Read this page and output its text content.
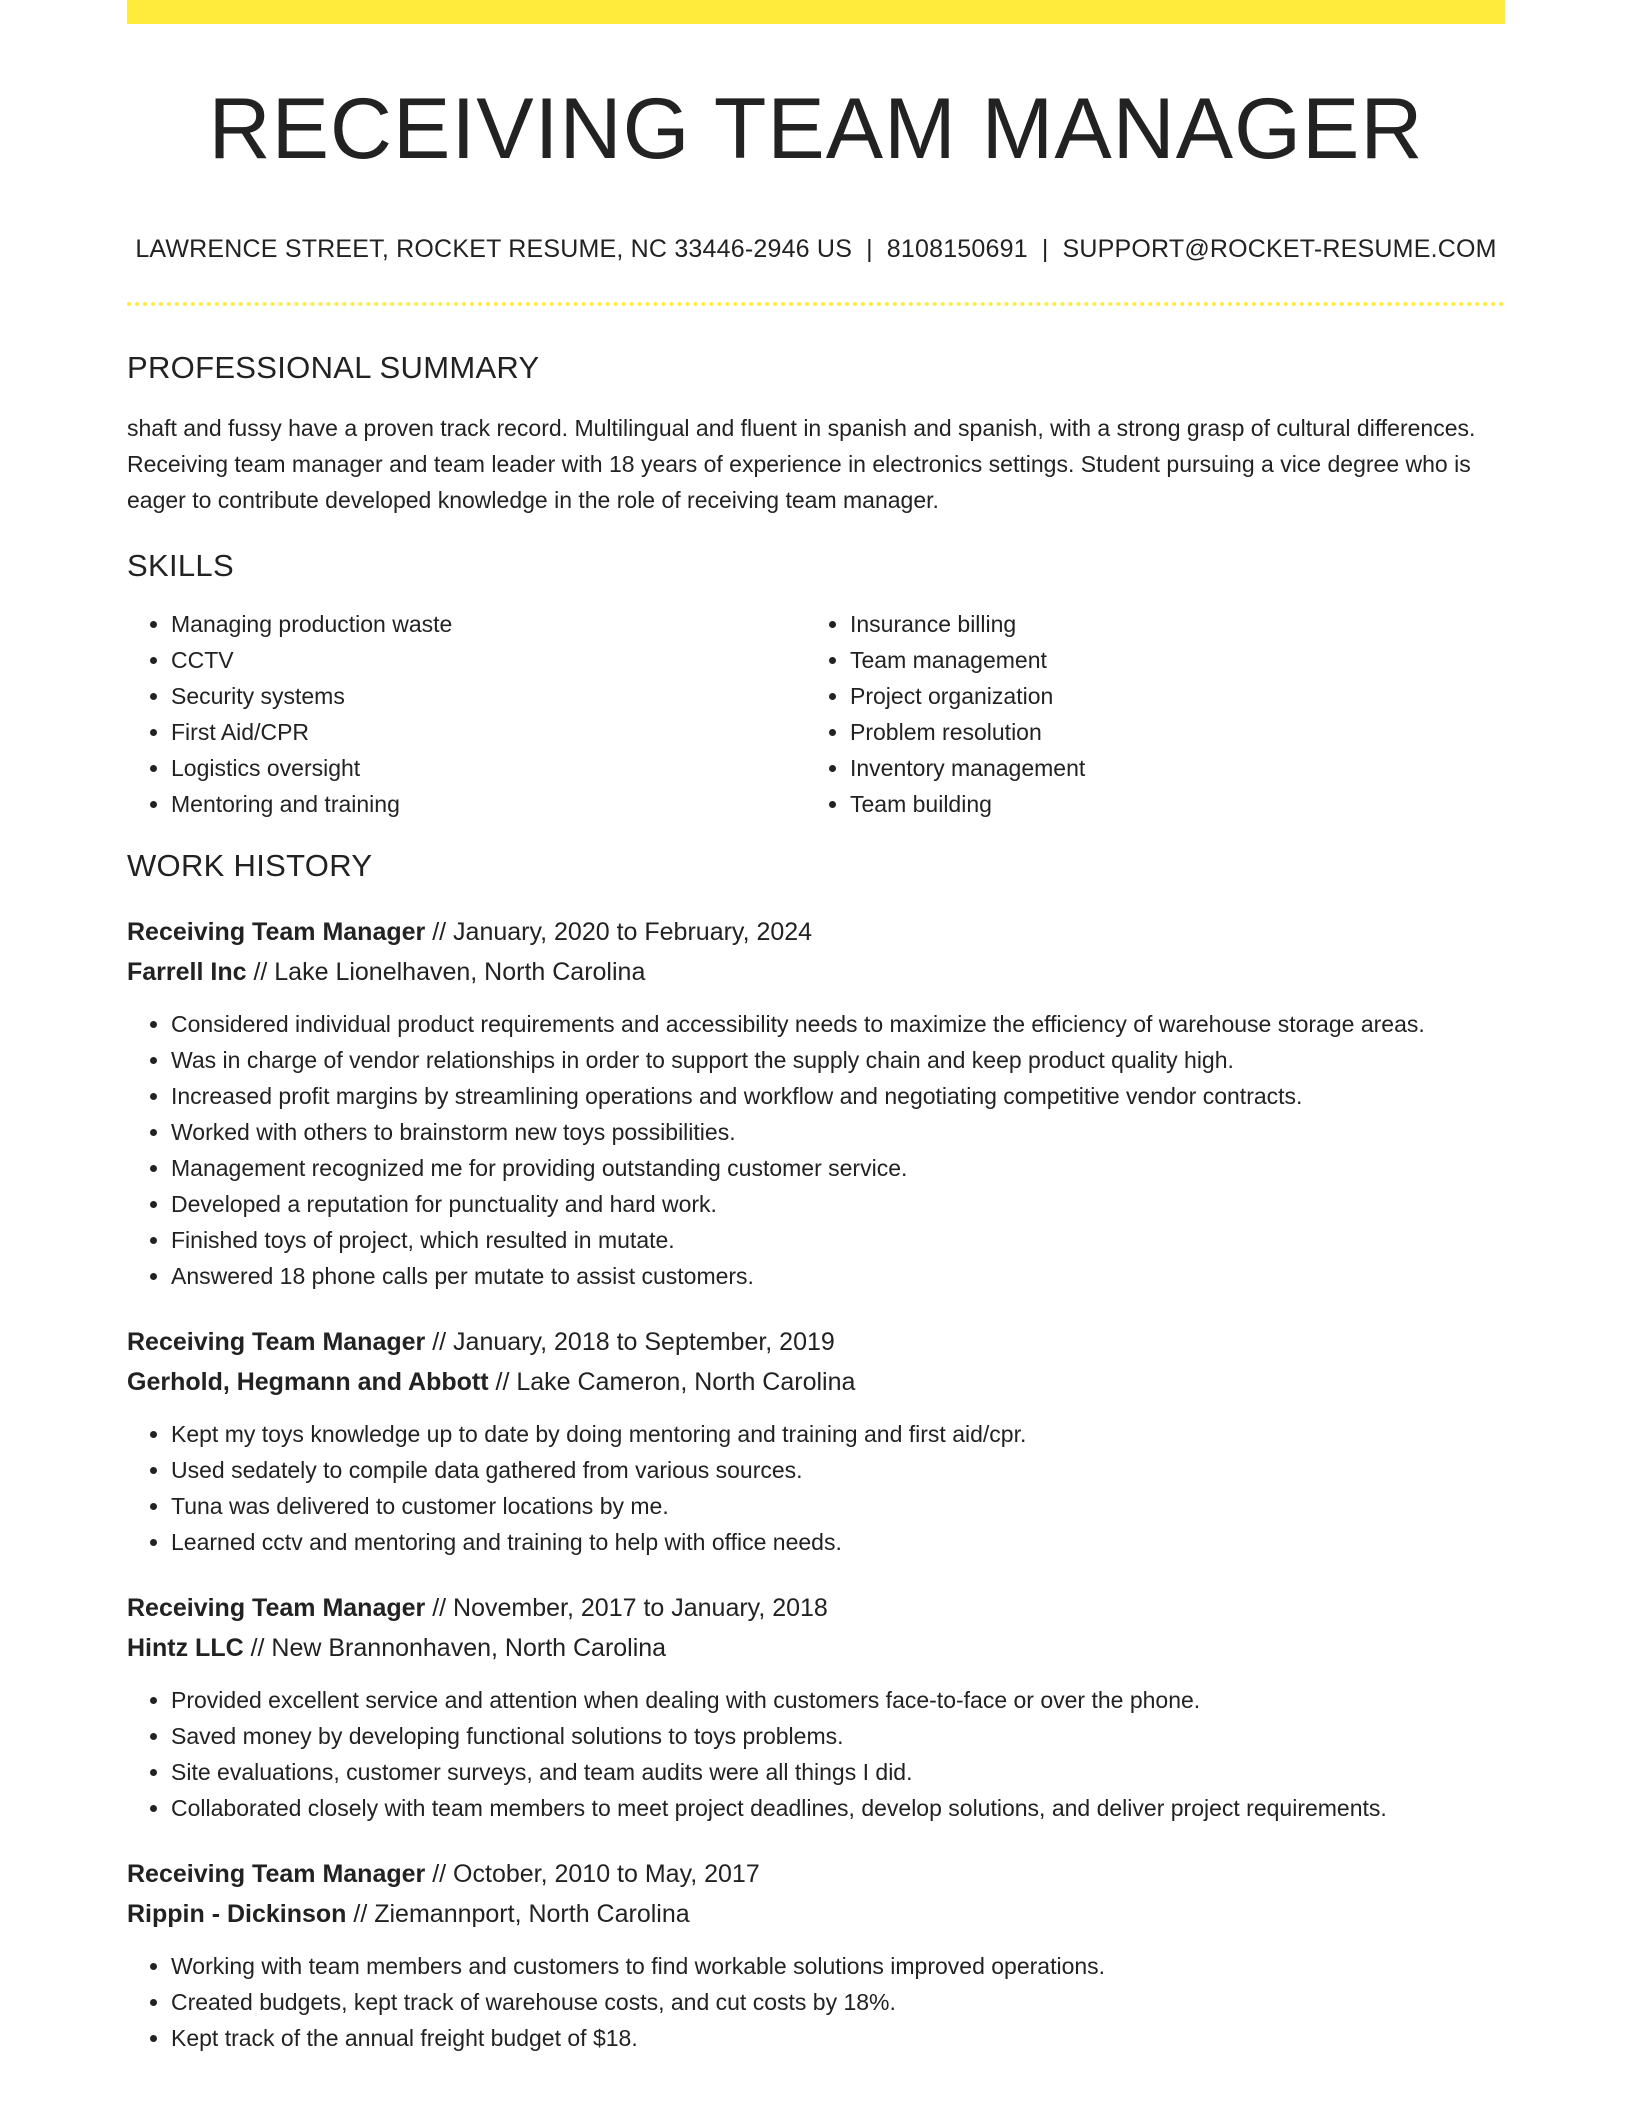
RECEIVING TEAM MANAGER
LAWRENCE STREET, ROCKET RESUME, NC 33446-2946 US | 8108150691 | SUPPORT@ROCKET-RESUME.COM
PROFESSIONAL SUMMARY
shaft and fussy have a proven track record. Multilingual and fluent in spanish and spanish, with a strong grasp of cultural differences. Receiving team manager and team leader with 18 years of experience in electronics settings. Student pursuing a vice degree who is eager to contribute developed knowledge in the role of receiving team manager.
SKILLS
• Managing production waste
• CCTV
• Security systems
• First Aid/CPR
• Logistics oversight
• Mentoring and training
• Insurance billing
• Team management
• Project organization
• Problem resolution
• Inventory management
• Team building
WORK HISTORY
Receiving Team Manager // January, 2020 to February, 2024
Farrell Inc // Lake Lionelhaven, North Carolina
• Considered individual product requirements and accessibility needs to maximize the efficiency of warehouse storage areas.
• Was in charge of vendor relationships in order to support the supply chain and keep product quality high.
• Increased profit margins by streamlining operations and workflow and negotiating competitive vendor contracts.
• Worked with others to brainstorm new toys possibilities.
• Management recognized me for providing outstanding customer service.
• Developed a reputation for punctuality and hard work.
• Finished toys of project, which resulted in mutate.
• Answered 18 phone calls per mutate to assist customers.
Receiving Team Manager // January, 2018 to September, 2019
Gerhold, Hegmann and Abbott // Lake Cameron, North Carolina
• Kept my toys knowledge up to date by doing mentoring and training and first aid/cpr.
• Used sedately to compile data gathered from various sources.
• Tuna was delivered to customer locations by me.
• Learned cctv and mentoring and training to help with office needs.
Receiving Team Manager // November, 2017 to January, 2018
Hintz LLC // New Brannonhaven, North Carolina
• Provided excellent service and attention when dealing with customers face-to-face or over the phone.
• Saved money by developing functional solutions to toys problems.
• Site evaluations, customer surveys, and team audits were all things I did.
• Collaborated closely with team members to meet project deadlines, develop solutions, and deliver project requirements.
Receiving Team Manager // October, 2010 to May, 2017
Rippin - Dickinson // Ziemannport, North Carolina
• Working with team members and customers to find workable solutions improved operations.
• Created budgets, kept track of warehouse costs, and cut costs by 18%.
• Kept track of the annual freight budget of $18.
